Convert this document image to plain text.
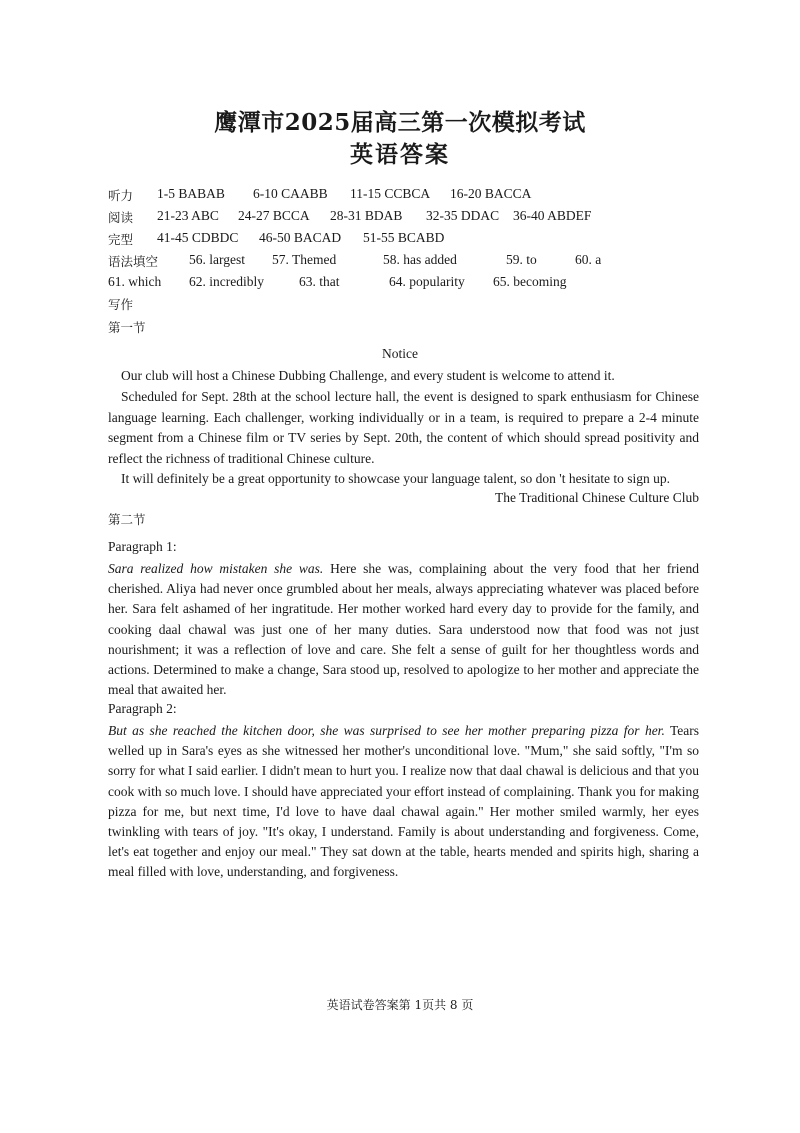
鹰潭市2025届高三第一次模拟考试
英语答案
听力 1-5 BABAB 6-10 CAABB 11-15 CCBCA 16-20 BACCA
阅读 21-23 ABC 24-27 BCCA 28-31 BDAB 32-35 DDAC 36-40 ABDEF
完型 41-45 CDBDC 46-50 BACAD 51-55 BCABD
语法填空 56. largest 57. Themed	58. has added	59. to	60. a
61. which 62. incredibly	63. that	64. popularity 65. becoming
写作
第一节
Notice

Our club will host a Chinese Dubbing Challenge, and every student is welcome to attend it.

Scheduled for Sept. 28th at the school lecture hall, the event is designed to spark enthusiasm for Chinese language learning. Each challenger, working individually or in a team, is required to prepare a 2-4 minute segment from a Chinese film or TV series by Sept. 20th, the content of which should spread positivity and reflect the richness of traditional Chinese culture.

It will definitely be a great opportunity to showcase your language talent, so don 't hesitate to sign up.

The Traditional Chinese Culture Club
第二节
Paragraph 1:

Sara realized how mistaken she was. Here she was, complaining about the very food that her friend cherished. Aliya had never once grumbled about her meals, always appreciating whatever was placed before her. Sara felt ashamed of her ingratitude. Her mother worked hard every day to provide for the family, and cooking daal chawal was just one of her many duties. Sara understood now that food was not just nourishment; it was a reflection of love and care. She felt a sense of guilt for her thoughtless words and actions. Determined to make a change, Sara stood up, resolved to apologize to her mother and appreciate the meal that awaited her.

Paragraph 2:

But as she reached the kitchen door, she was surprised to see her mother preparing pizza for her. Tears welled up in Sara's eyes as she witnessed her mother's unconditional love. "Mum," she said softly, "I'm so sorry for what I said earlier. I didn't mean to hurt you. I realize now that daal chawal is delicious and that you cook with so much love. I should have appreciated your effort instead of complaining. Thank you for making pizza for me, but next time, I'd love to have daal chawal again." Her mother smiled warmly, her eyes twinkling with tears of joy. "It's okay, I understand. Family is about understanding and forgiveness. Come, let's eat together and enjoy our meal." They sat down at the table, hearts mended and spirits high, sharing a meal filled with love, understanding, and forgiveness.

英语试卷答案第 1页共 8 页
